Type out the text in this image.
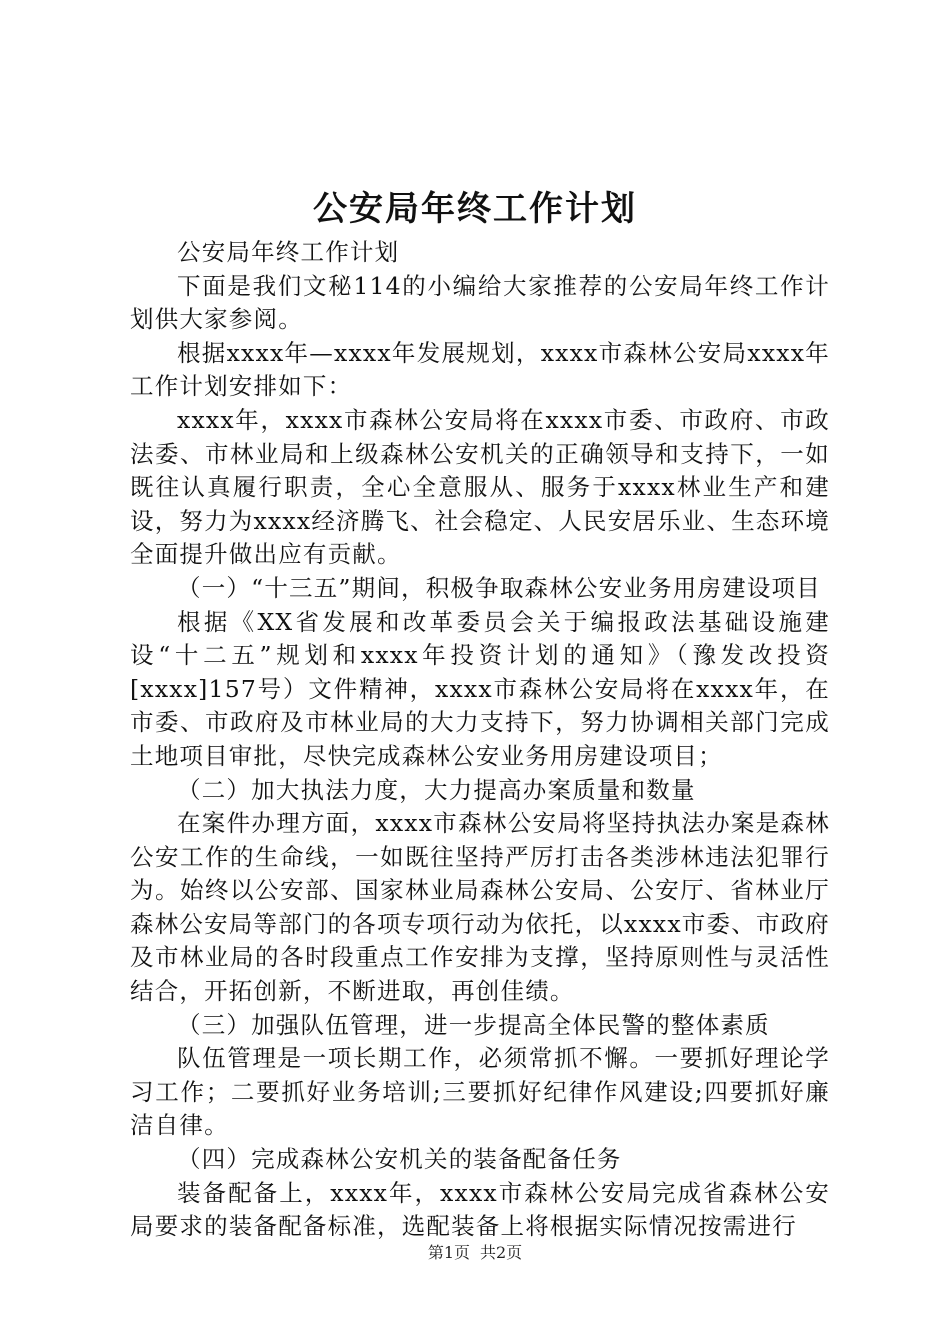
公安局年终工作计划

公安局年终工作计划

下面是我们文秘114的小编给大家推荐的公安局年终工作计划供大家参阅。

根据xxxx年—xxxx年发展规划，xxxx市森林公安局xxxx年工作计划安排如下：

xxxx年，xxxx市森林公安局将在xxxx市委、市政府、市政法委、市林业局和上级森林公安机关的正确领导和支持下，一如既往认真履行职责，全心全意服从、服务于xxxx林业生产和建设，努力为xxxx经济腾飞、社会稳定、人民安居乐业、生态环境全面提升做出应有贡献。

（一）“十三五”期间，积极争取森林公安业务用房建设项目

根据《XX省发展和改革委员会关于编报政法基础设施建设“十二五”规划和xxxx年投资计划的通知》（豫发改投资[xxxx]157号）文件精神，xxxx市森林公安局将在xxxx年，在市委、市政府及市林业局的大力支持下，努力协调相关部门完成土地项目审批，尽快完成森林公安业务用房建设项目；

（二）加大执法力度，大力提高办案质量和数量

在案件办理方面，xxxx市森林公安局将坚持执法办案是森林公安工作的生命线，一如既往坚持严厉打击各类涉林违法犯罪行为。始终以公安部、国家林业局森林公安局、公安厅、省林业厅森林公安局等部门的各项专项行动为依托，以xxxx市委、市政府及市林业局的各时段重点工作安排为支撑，坚持原则性与灵活性结合，开拓创新，不断进取，再创佳绩。

（三）加强队伍管理，进一步提高全体民警的整体素质

队伍管理是一项长期工作，必须常抓不懈。一要抓好理论学习工作；二要抓好业务培训;三要抓好纪律作风建设;四要抓好廉洁自律。

（四）完成森林公安机关的装备配备任务

装备配备上，xxxx年，xxxx市森林公安局完成省森林公安局要求的装备配备标准，选配装备上将根据实际情况按需进行

第1页 共2页
